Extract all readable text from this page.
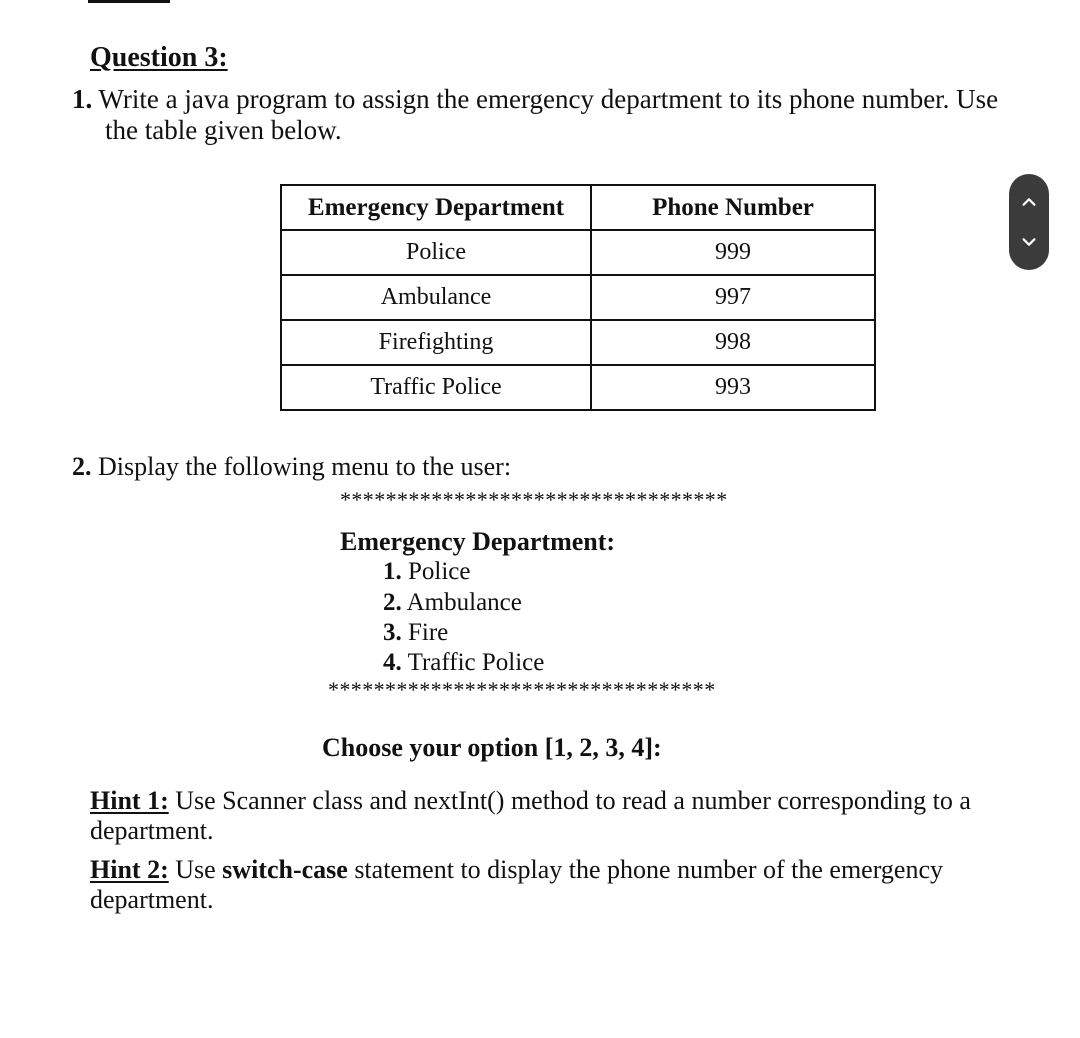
Question 3:
1. Write a java program to assign the emergency department to its phone number. Use
the table given below.
Emergency Department	Phone Number
Police	999
Ambulance	997
Firefighting	998
Traffic Police	993
2. Display the following menu to the user:
**********************************
Emergency Department:
1. Police
2. Ambulance
3. Fire
4. Traffic Police
**********************************
Choose your option [1, 2, 3, 4]:
Hint 1: Use Scanner class and nextInt() method to read a number corresponding to a
department.
Hint 2: Use switch-case statement to display the phone number of the emergency
department.
